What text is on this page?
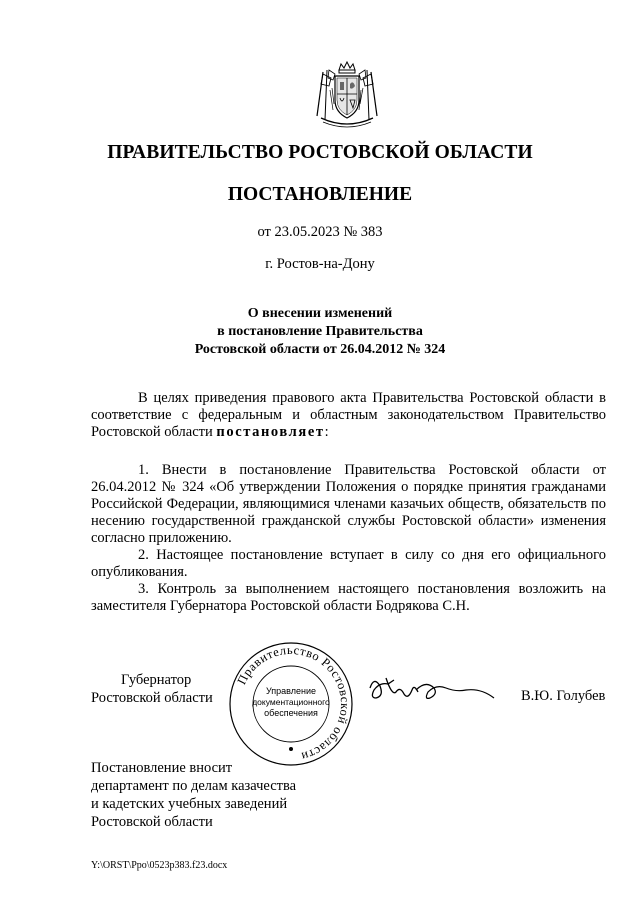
ПРАВИТЕЛЬСТВО РОСТОВСКОЙ ОБЛАСТИ
ПОСТАНОВЛЕНИЕ
от 23.05.2023 № 383
г. Ростов-на-Дону
О внесении изменений
в постановление Правительства
Ростовской области от 26.04.2012 № 324

В целях приведения правового акта Правительства Ростовской области в соответствие с федеральным и областным законодательством Правительство Ростовской области постановляет:

1. Внести в постановление Правительства Ростовской области от 26.04.2012 № 324 «Об утверждении Положения о порядке принятия гражданами Российской Федерации, являющимися членами казачьих обществ, обязательств по несению государственной гражданской службы Ростовской области» изменения согласно приложению.

2. Настоящее постановление вступает в силу со дня его официального опубликования.

3. Контроль за выполнением настоящего постановления возложить на заместителя Губернатора Ростовской области Бодрякова С.Н.

Губернатор
Ростовской области
Правительство Ростовской области
Управление
документационного
обеспечения
В.Ю. Голубев
Постановление вносит
департамент по делам казачества
и кадетских учебных заведений
Ростовской области
Y:\ORST\Ppo\0523p383.f23.docx
